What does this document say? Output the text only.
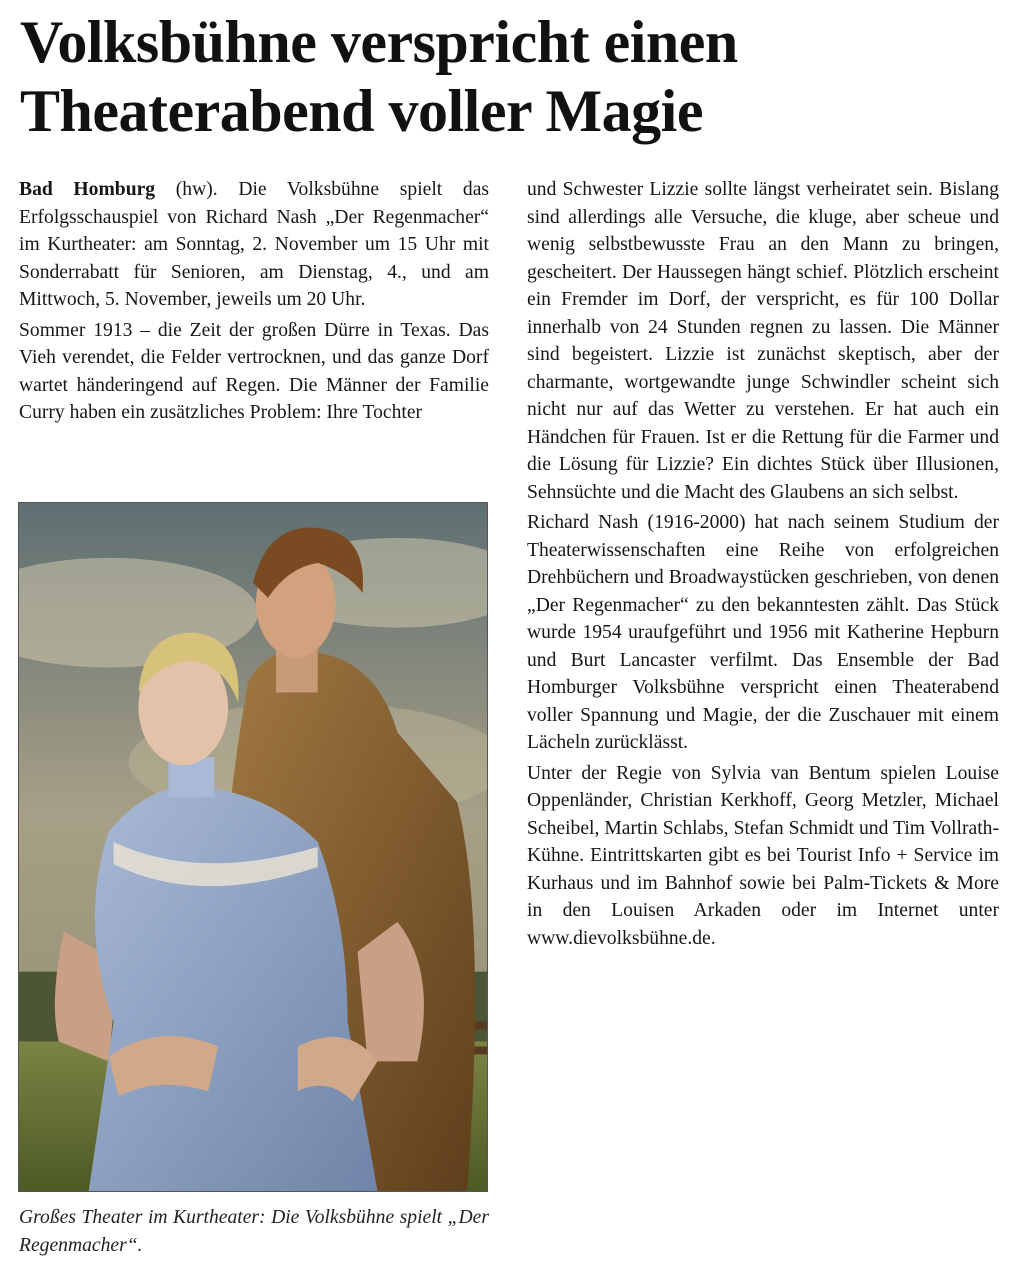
Volksbühne verspricht einen
Theaterabend voller Magie

Bad Homburg (hw). Die Volksbühne spielt das Erfolgsschauspiel von Richard Nash „Der Regenmacher“ im Kurtheater: am Sonntag, 2. November um 15 Uhr mit Sonderrabatt für Senioren, am Dienstag, 4., und am Mittwoch, 5. November, jeweils um 20 Uhr.

Sommer 1913 – die Zeit der großen Dürre in Texas. Das Vieh verendet, die Felder vertrocknen, und das ganze Dorf wartet händeringend auf Regen. Die Männer der Familie Curry haben ein zusätzliches Problem: Ihre Tochter

Großes Theater im Kurtheater: Die Volksbühne spielt „Der Regenmacher“.

und Schwester Lizzie sollte längst verheiratet sein. Bislang sind allerdings alle Versuche, die kluge, aber scheue und wenig selbstbewusste Frau an den Mann zu bringen, gescheitert. Der Haussegen hängt schief. Plötzlich erscheint ein Fremder im Dorf, der verspricht, es für 100 Dollar innerhalb von 24 Stunden regnen zu lassen. Die Männer sind begeistert. Lizzie ist zunächst skeptisch, aber der charmante, wortgewandte junge Schwindler scheint sich nicht nur auf das Wetter zu verstehen. Er hat auch ein Händchen für Frauen. Ist er die Rettung für die Farmer und die Lösung für Lizzie? Ein dichtes Stück über Illusionen, Sehnsüchte und die Macht des Glaubens an sich selbst.

Richard Nash (1916-2000) hat nach seinem Studium der Theaterwissenschaften eine Reihe von erfolgreichen Drehbüchern und Broadwaystücken geschrieben, von denen „Der Regenmacher“ zu den bekanntesten zählt. Das Stück wurde 1954 uraufgeführt und 1956 mit Katherine Hepburn und Burt Lancaster verfilmt. Das Ensemble der Bad Homburger Volksbühne verspricht einen Theaterabend voller Spannung und Magie, der die Zuschauer mit einem Lächeln zurücklässt.

Unter der Regie von Sylvia van Bentum spielen Louise Oppenländer, Christian Kerkhoff, Georg Metzler, Michael Scheibel, Martin Schlabs, Stefan Schmidt und Tim Vollrath-Kühne. Eintrittskarten gibt es bei Tourist Info + Service im Kurhaus und im Bahnhof sowie bei Palm-Tickets & More in den Louisen Arkaden oder im Internet unter www.dievolksbühne.de.
